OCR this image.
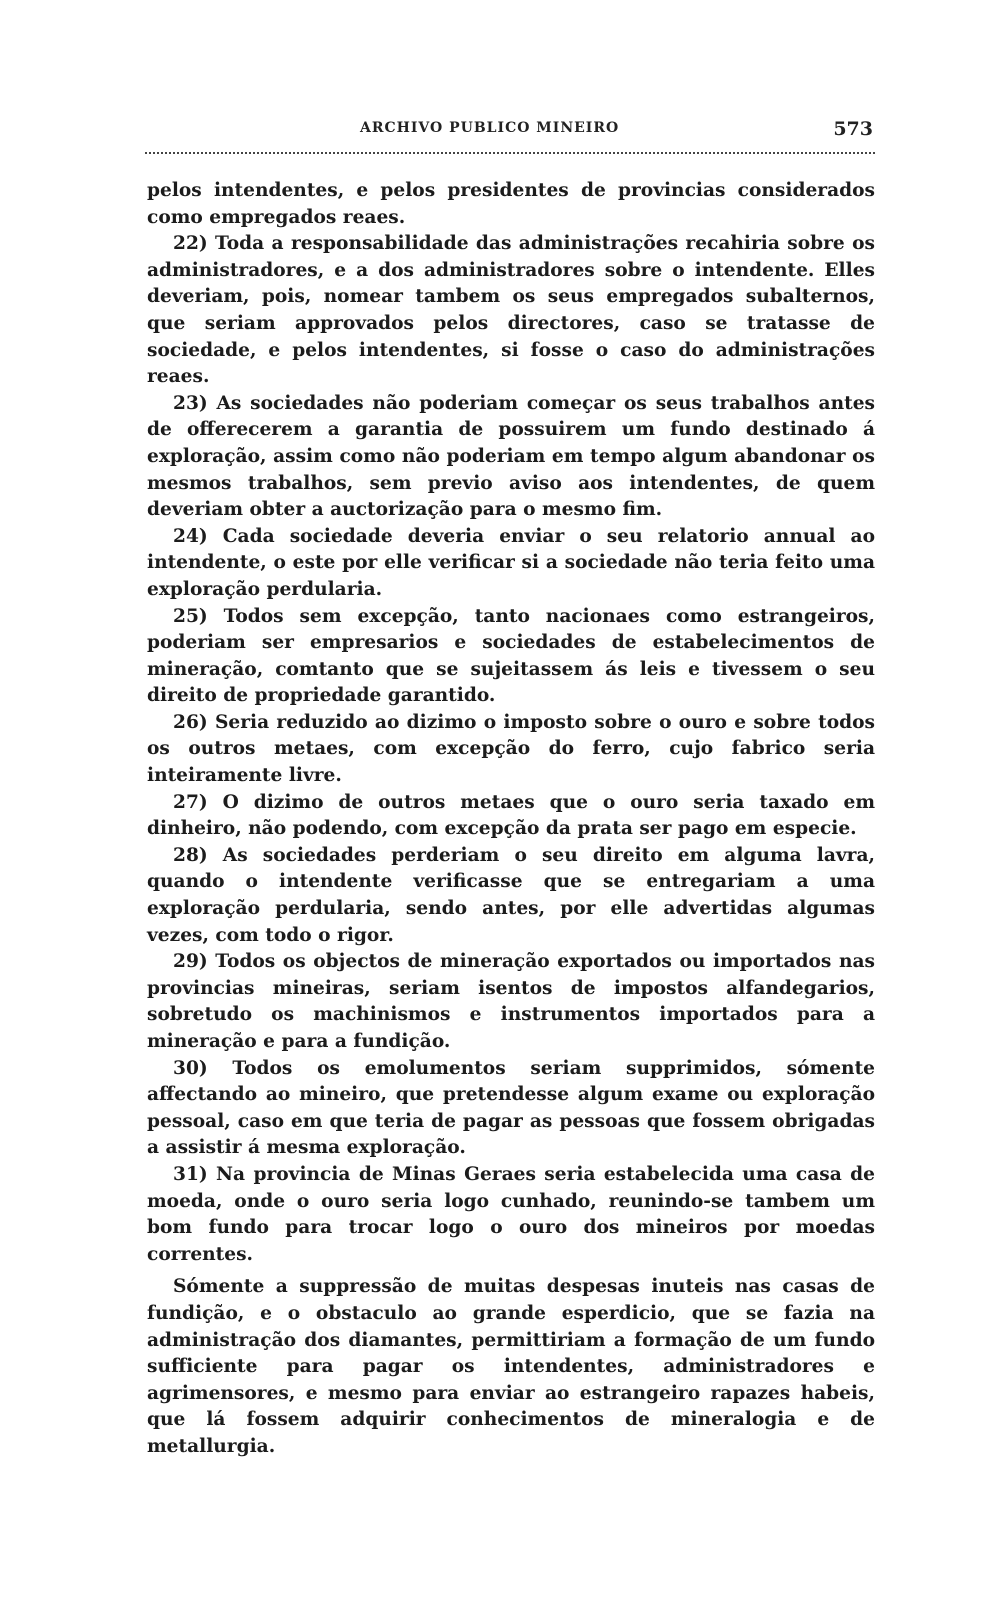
ARCHIVO PUBLICO MINEIRO	573

pelos intendentes, e pelos presidentes de provincias considerados como empregados reaes.

22) Toda a responsabilidade das administrações recahiria sobre os administradores, e a dos administradores sobre o intendente. Elles deveriam, pois, nomear tambem os seus empregados subalternos, que seriam approvados pelos directores, caso se tratasse de sociedade, e pelos intendentes, si fosse o caso do administrações reaes.

23) As sociedades não poderiam começar os seus trabalhos antes de offerecerem a garantia de possuirem um fundo destinado á exploração, assim como não poderiam em tempo algum abandonar os mesmos trabalhos, sem previo aviso aos intendentes, de quem deveriam obter a auctorização para o mesmo fim.

24) Cada sociedade deveria enviar o seu relatorio annual ao intendente, o este por elle verificar si a sociedade não teria feito uma exploração perdularia.

25) Todos sem excepção, tanto nacionaes como estrangeiros, poderiam ser empresarios e sociedades de estabelecimentos de mineração, comtanto que se sujeitassem ás leis e tivessem o seu direito de propriedade garantido.

26) Seria reduzido ao dizimo o imposto sobre o ouro e sobre todos os outros metaes, com excepção do ferro, cujo fabrico seria inteiramente livre.

27) O dizimo de outros metaes que o ouro seria taxado em dinheiro, não podendo, com excepção da prata ser pago em especie.

28) As sociedades perderiam o seu direito em alguma lavra, quando o intendente verificasse que se entregariam a uma exploração perdularia, sendo antes, por elle advertidas algumas vezes, com todo o rigor.

29) Todos os objectos de mineração exportados ou importados nas provincias mineiras, seriam isentos de impostos alfandegarios, sobretudo os machinismos e instrumentos importados para a mineração e para a fundição.

30) Todos os emolumentos seriam supprimidos, sómente affectando ao mineiro, que pretendesse algum exame ou exploração pessoal, caso em que teria de pagar as pessoas que fossem obrigadas a assistir á mesma exploração.

31) Na provincia de Minas Geraes seria estabelecida uma casa de moeda, onde o ouro seria logo cunhado, reunindo-se tambem um bom fundo para trocar logo o ouro dos mineiros por moedas correntes.

Sómente a suppressão de muitas despesas inuteis nas casas de fundição, e o obstaculo ao grande esperdicio, que se fazia na administração dos diamantes, permittiriam a formação de um fundo sufficiente para pagar os intendentes, administradores e agrimensores, e mesmo para enviar ao estrangeiro rapazes habeis, que lá fossem adquirir conhecimentos de mineralogia e de metallurgia.
